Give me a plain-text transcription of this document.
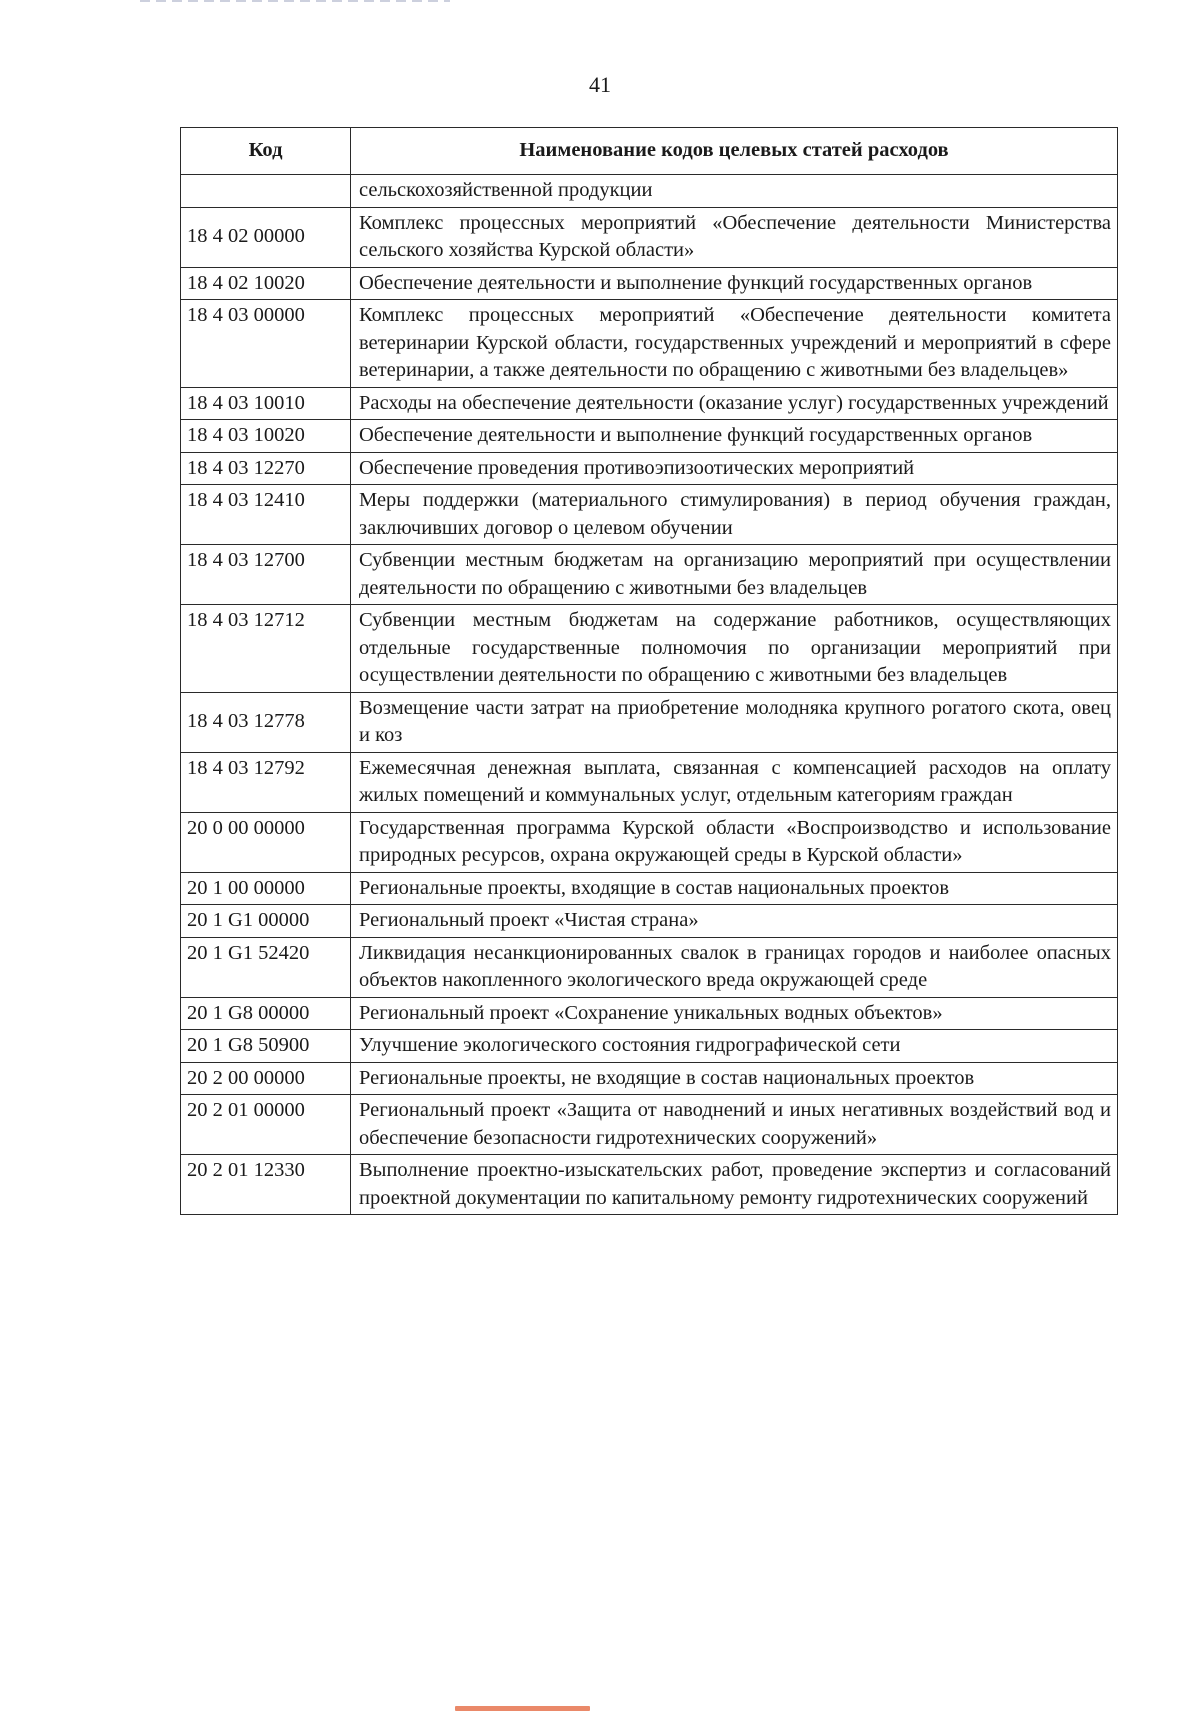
41
Код	Наименование кодов целевых статей расходов
	сельскохозяйственной продукции
18 4 02 00000	Комплекс процессных мероприятий «Обеспечение деятельности Министерства сельского хозяйства Курской области»
18 4 02 10020	Обеспечение деятельности и выполнение функций государственных органов
18 4 03 00000	Комплекс процессных мероприятий «Обеспечение деятельности комитета ветеринарии Курской области, государственных учреждений и мероприятий в сфере ветеринарии, а также деятельности по обращению с животными без владельцев»
18 4 03 10010	Расходы на обеспечение деятельности (оказание услуг) государственных учреждений
18 4 03 10020	Обеспечение деятельности и выполнение функций государственных органов
18 4 03 12270	Обеспечение проведения противоэпизоотических мероприятий
18 4 03 12410	Меры поддержки (материального стимулирования) в период обучения граждан, заключивших договор о целевом обучении
18 4 03 12700	Субвенции местным бюджетам на организацию мероприятий при осуществлении деятельности по обращению с животными без владельцев
18 4 03 12712	Субвенции местным бюджетам на содержание работников, осуществляющих отдельные государственные полномочия по организации мероприятий при осуществлении деятельности по обращению с животными без владельцев
18 4 03 12778	Возмещение части затрат на приобретение молодняка крупного рогатого скота, овец и коз
18 4 03 12792	Ежемесячная денежная выплата, связанная с компенсацией расходов на оплату жилых помещений и коммунальных услуг, отдельным категориям граждан
20 0 00 00000	Государственная программа Курской области «Воспроизводство и использование природных ресурсов, охрана окружающей среды в Курской области»
20 1 00 00000	Региональные проекты, входящие в состав национальных проектов
20 1 G1 00000	Региональный проект «Чистая страна»
20 1 G1 52420	Ликвидация несанкционированных свалок в границах городов и наиболее опасных объектов накопленного экологического вреда окружающей среде
20 1 G8 00000	Региональный проект «Сохранение уникальных водных объектов»
20 1 G8 50900	Улучшение экологического состояния гидрографической сети
20 2 00 00000	Региональные проекты, не входящие в состав национальных проектов
20 2 01 00000	Региональный проект «Защита от наводнений и иных негативных воздействий вод и обеспечение безопасности гидротехнических сооружений»
20 2 01 12330	Выполнение проектно-изыскательских работ, проведение экспертиз и согласований проектной документации по капитальному ремонту гидротехнических сооружений
